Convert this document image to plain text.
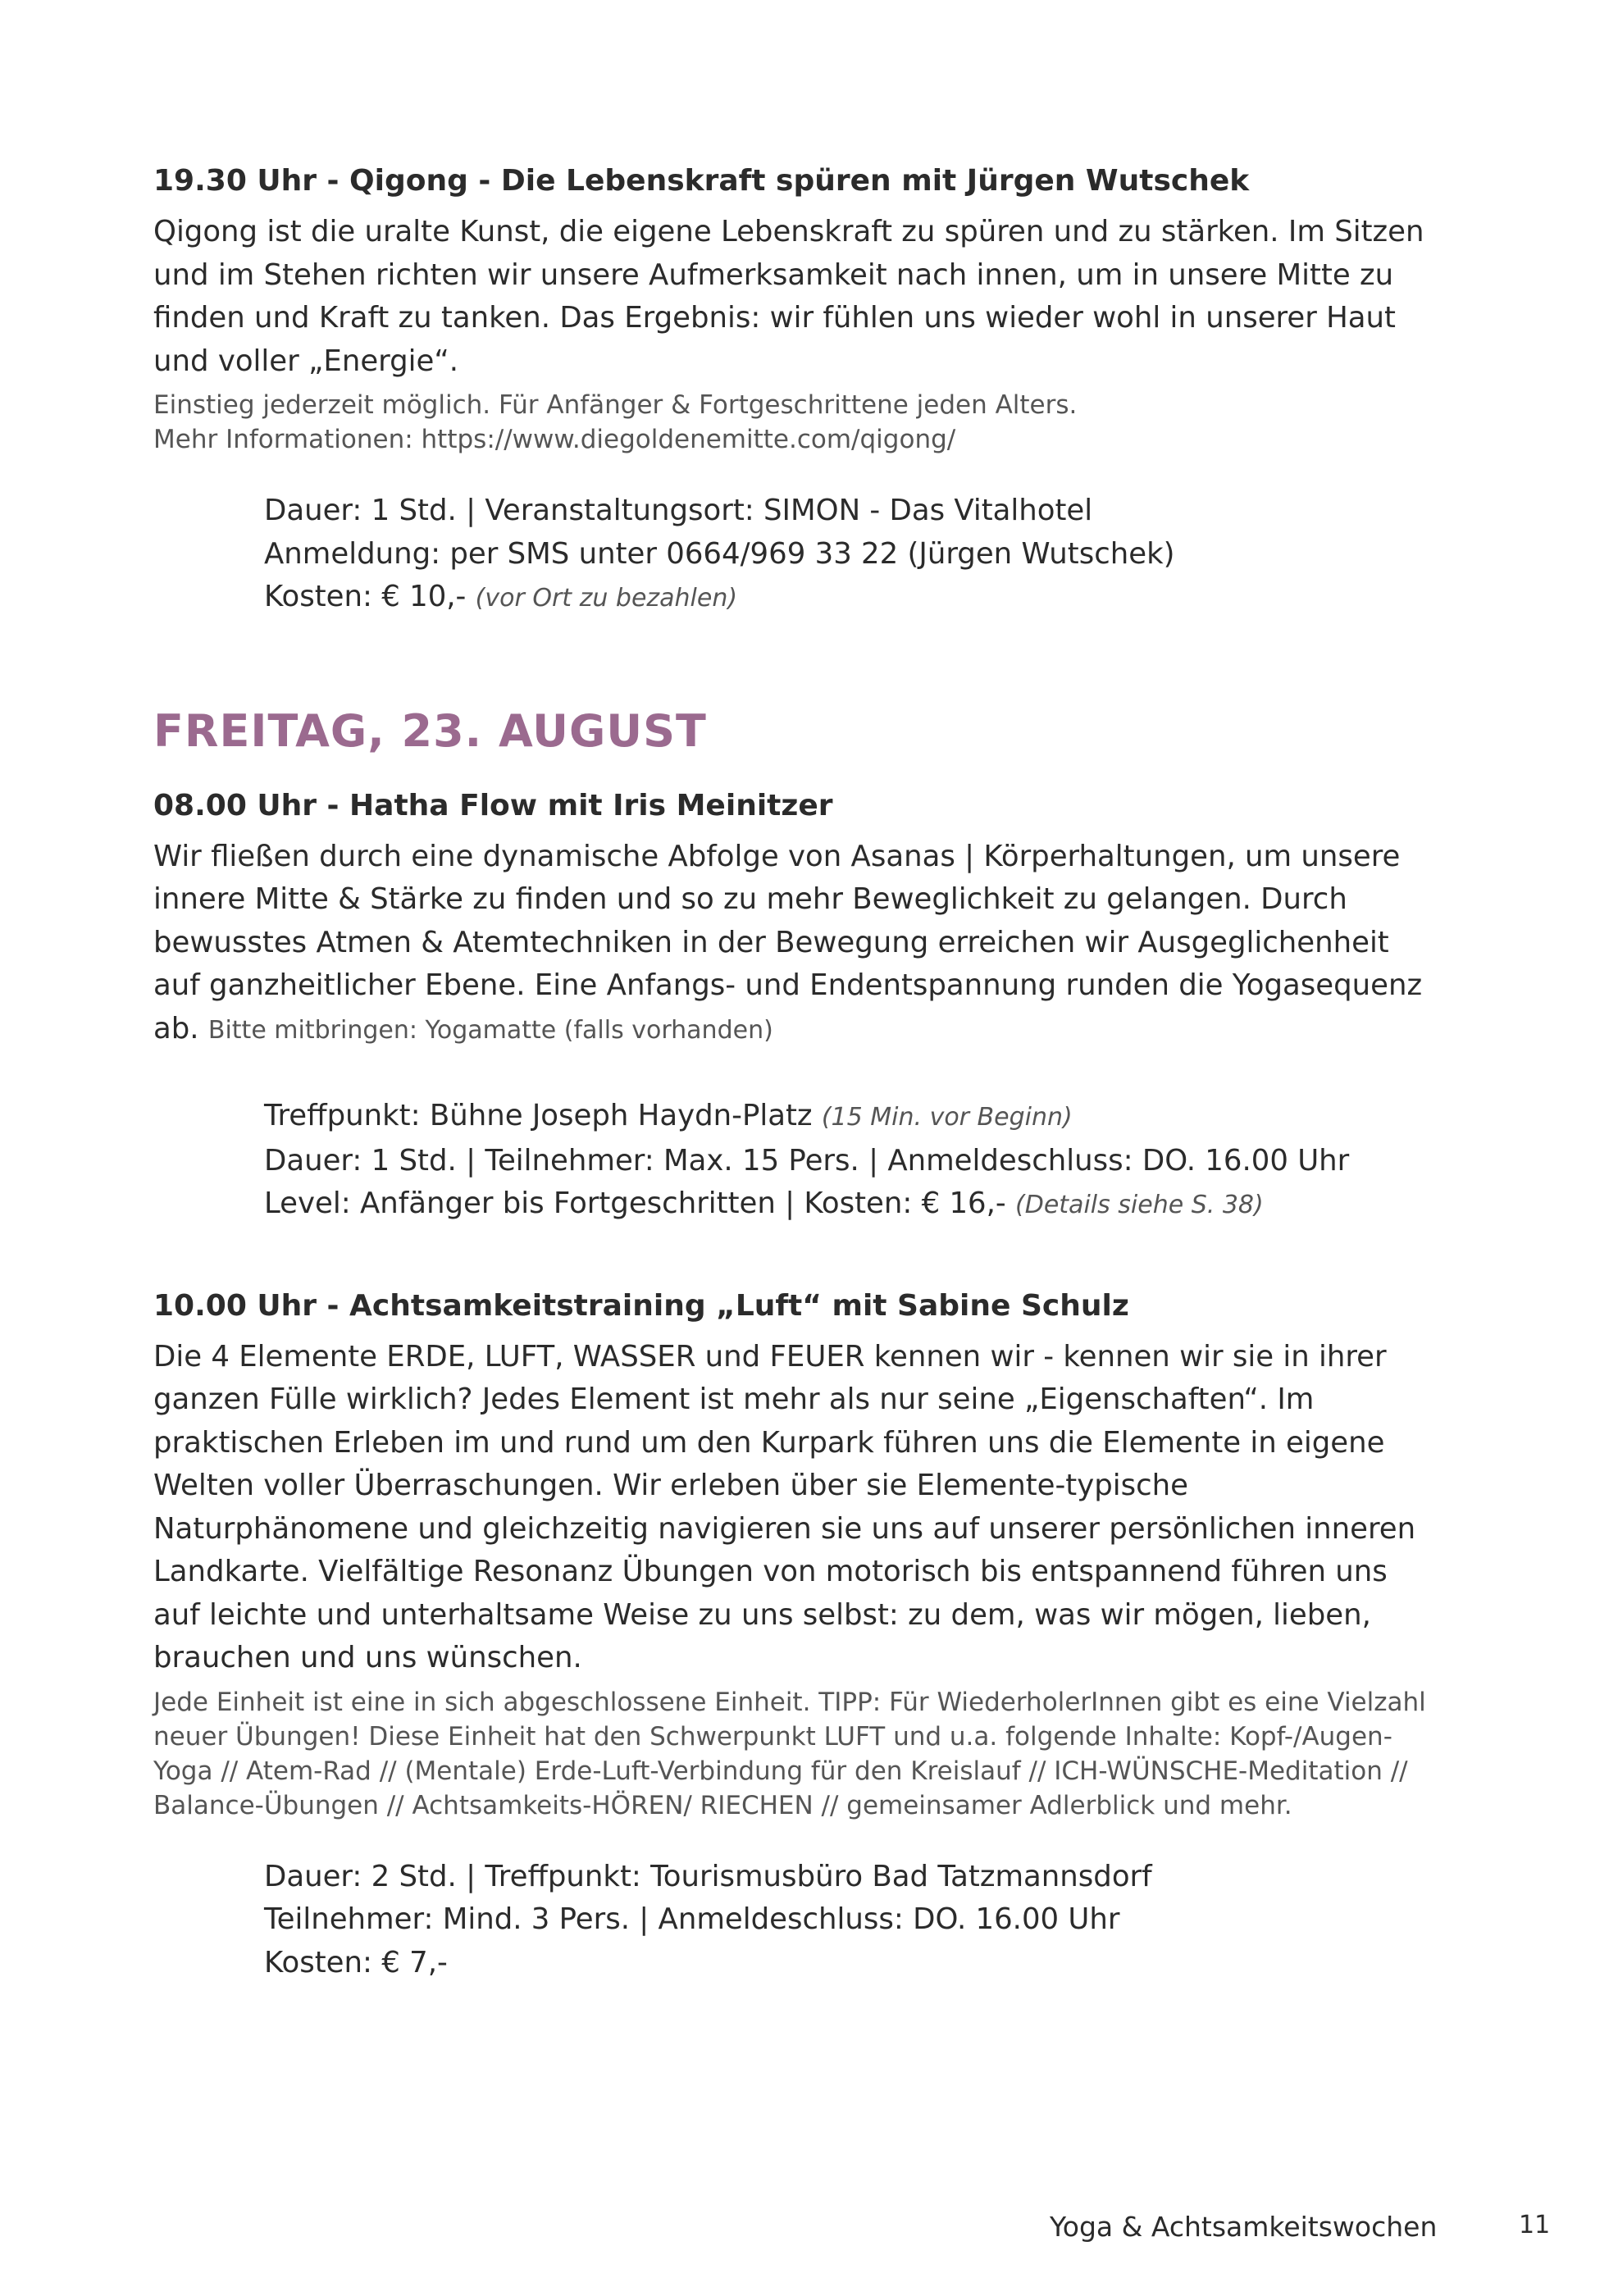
19.30 Uhr - Qigong - Die Lebenskraft spüren mit Jürgen Wutschek

Qigong ist die uralte Kunst, die eigene Lebenskraft zu spüren und zu stärken. Im Sitzen und im Stehen richten wir unsere Aufmerksamkeit nach innen, um in unsere Mitte zu finden und Kraft zu tanken. Das Ergebnis: wir fühlen uns wieder wohl in unserer Haut und voller „Energie“.

Einstieg jederzeit möglich. Für Anfänger & Fortgeschrittene jeden Alters.
Mehr Informationen: https://www.diegoldenemitte.com/qigong/
Dauer: 1 Std. | Veranstaltungsort: SIMON - Das Vitalhotel
Anmeldung: per SMS unter 0664/969 33 22 (Jürgen Wutschek)
Kosten: € 10,- (vor Ort zu bezahlen)
FREITAG, 23. AUGUST
08.00 Uhr - Hatha Flow mit Iris Meinitzer

Wir fließen durch eine dynamische Abfolge von Asanas | Körperhaltungen, um unsere innere Mitte & Stärke zu finden und so zu mehr Beweglichkeit zu gelangen. Durch bewusstes Atmen & Atemtechniken in der Bewegung erreichen wir Ausgeglichenheit auf ganzheitlicher Ebene. Eine Anfangs- und Endentspannung runden die Yogasequenz ab. Bitte mitbringen: Yogamatte (falls vorhanden)

Treffpunkt: Bühne Joseph Haydn-Platz (15 Min. vor Beginn)
Dauer: 1 Std. | Teilnehmer: Max. 15 Pers. | Anmeldeschluss: DO. 16.00 Uhr
Level: Anfänger bis Fortgeschritten | Kosten: € 16,- (Details siehe S. 38)
10.00 Uhr - Achtsamkeitstraining „Luft“ mit Sabine Schulz

Die 4 Elemente ERDE, LUFT, WASSER und FEUER kennen wir - kennen wir sie in ihrer ganzen Fülle wirklich? Jedes Element ist mehr als nur seine „Eigenschaften“. Im praktischen Erleben im und rund um den Kurpark führen uns die Elemente in eigene Welten voller Überraschungen. Wir erleben über sie Elemente-typische Naturphänomene und gleichzeitig navigieren sie uns auf unserer persönlichen inneren Landkarte. Vielfältige Resonanz Übungen von motorisch bis entspannend führen uns auf leichte und unterhaltsame Weise zu uns selbst: zu dem, was wir mögen, lieben, brauchen und uns wünschen.

Jede Einheit ist eine in sich abgeschlossene Einheit. TIPP: Für WiederholerInnen gibt es eine Vielzahl neuer Übungen! Diese Einheit hat den Schwerpunkt LUFT und u.a. folgende Inhalte: Kopf-/Augen-Yoga // Atem-Rad // (Mentale) Erde-Luft-Verbindung für den Kreislauf // ICH-WÜNSCHE-Meditation // Balance-Übungen // Achtsamkeits-HÖREN/ RIECHEN // gemeinsamer Adlerblick und mehr.

Dauer: 2 Std. | Treffpunkt: Tourismusbüro Bad Tatzmannsdorf
Teilnehmer: Mind. 3 Pers. | Anmeldeschluss: DO. 16.00 Uhr
Kosten: € 7,-
Yoga & Achtsamkeitswochen	11
